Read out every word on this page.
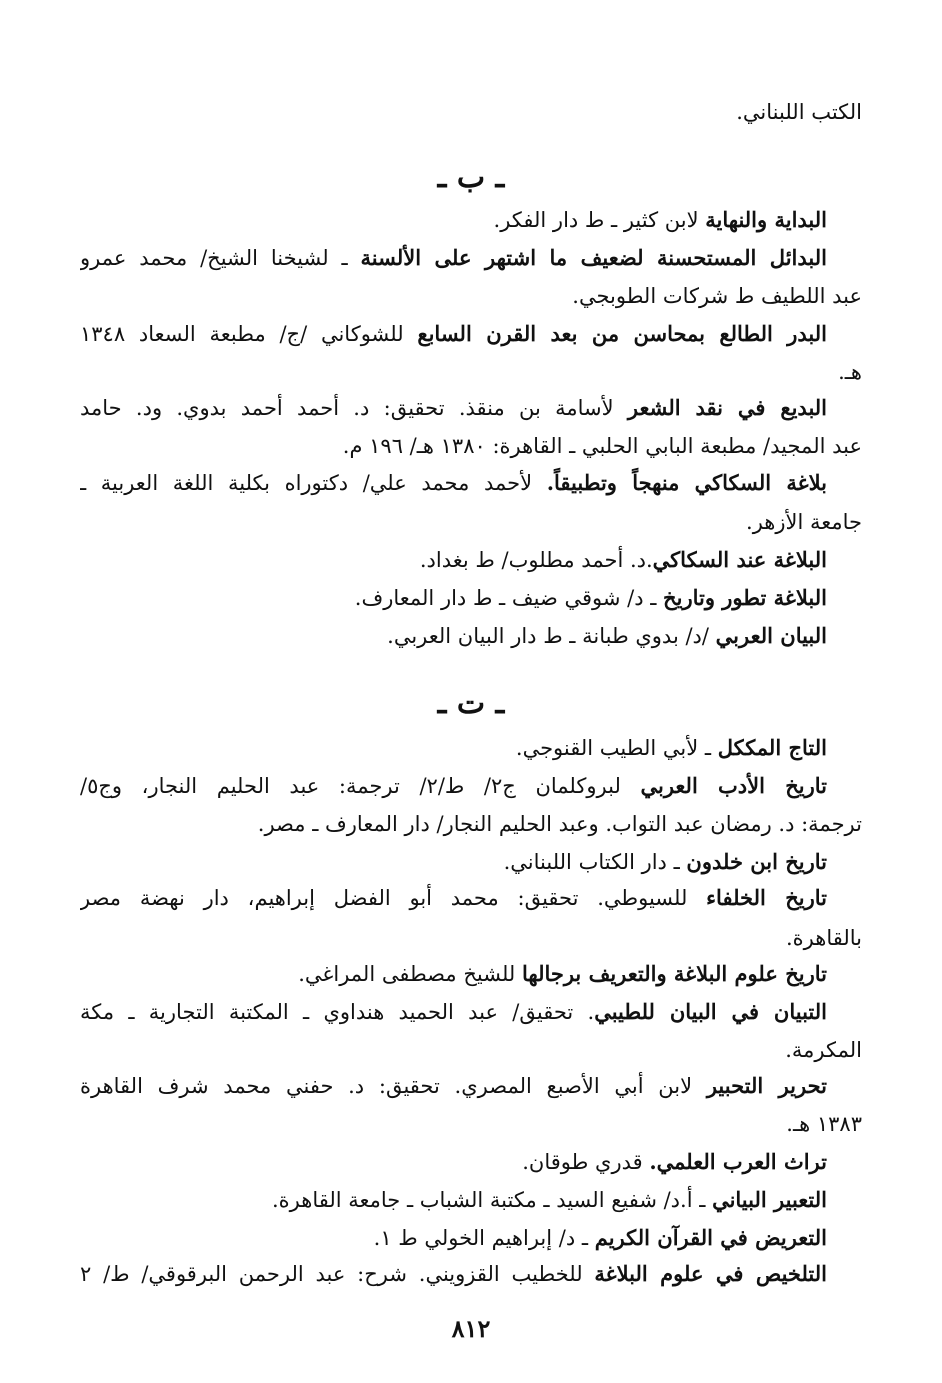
الكتب اللبناني.
ـ ب ـ
البداية والنهاية لابن كثير ـ ط دار الفكر.
البدائل المستحسنة لضعيف ما اشتهر على الألسنة ـ لشيخنا الشيخ/ محمد عمرو
عبد اللطيف ط شركات الطوبجي.
البدر الطالع بمحاسن من بعد القرن السابع للشوكاني /ج/ مطبعة السعاد ١٣٤٨
هـ.
البديع في نقد الشعر لأسامة بن منقذ. تحقيق: د. أحمد أحمد بدوي. ود. حامد
عبد المجيد/ مطبعة البابي الحلبي ـ القاهرة: ١٣٨٠ هـ/ ١٩٦ م.
بلاغة السكاكي منهجاً وتطبيقاً. لأحمد محمد علي/ دكتوراه بكلية اللغة العربية ـ
جامعة الأزهر.
البلاغة عند السكاكي.د. أحمد مطلوب/ ط بغداد.
البلاغة تطور وتاريخ ـ د/ شوقي ضيف ـ ط دار المعارف.
البيان العربي /د/ بدوي طبانة ـ ط دار البيان العربي.
ـ ت ـ
التاج المككل ـ لأبي الطيب القنوجي.
تاريخ الأدب العربي لبروكلمان ج٢/ ط/٢/ ترجمة: عبد الحليم النجار، وج٥/
ترجمة: د. رمضان عبد التواب. وعبد الحليم النجار/ دار المعارف ـ مصر.
تاريخ ابن خلدون ـ دار الكتاب اللبناني.
تاريخ الخلفاء للسيوطي. تحقيق: محمد أبو الفضل إبراهيم، دار نهضة مصر
بالقاهرة.
تاريخ علوم البلاغة والتعريف برجالها للشيخ مصطفى المراغي.
التبيان في البيان للطيبي. تحقيق/ عبد الحميد هنداوي ـ المكتبة التجارية ـ مكة
المكرمة.
تحرير التحبير لابن أبي الأصبع المصري. تحقيق: د. حفني محمد شرف القاهرة
١٣٨٣ هـ.
تراث العرب العلمي. قدري طوقان.
التعبير البياني ـ أ.د/ شفيع السيد ـ مكتبة الشباب ـ جامعة القاهرة.
التعريض في القرآن الكريم ـ د/ إبراهيم الخولي ط ١.
التلخيص في علوم البلاغة للخطيب القزويني. شرح: عبد الرحمن البرقوقي/ ط/ ٢
٨١٢
